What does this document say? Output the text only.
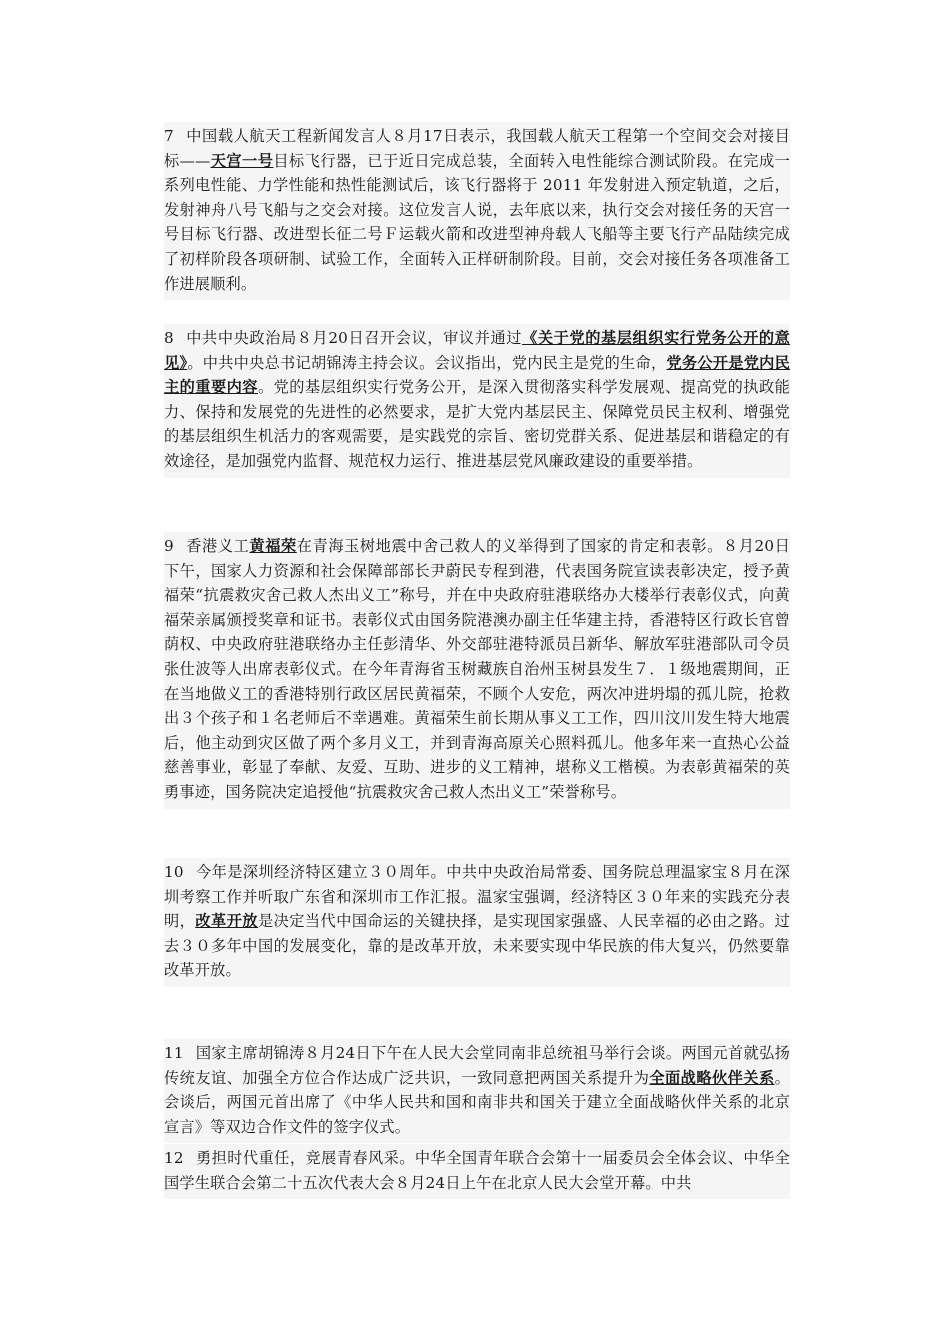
7 中国载人航天工程新闻发言人８月17日表示，我国载人航天工程第一个空间交会对接目标——天宫一号目标飞行器，已于近日完成总装，全面转入电性能综合测试阶段。在完成一系列电性能、力学性能和热性能测试后，该飞行器将于 2011 年发射进入预定轨道，之后，发射神舟八号飞船与之交会对接。这位发言人说，去年底以来，执行交会对接任务的天宫一号目标飞行器、改进型长征二号Ｆ运载火箭和改进型神舟载人飞船等主要飞行产品陆续完成了初样阶段各项研制、试验工作，全面转入正样研制阶段。目前，交会对接任务各项准备工作进展顺利。
8 中共中央政治局８月20日召开会议，审议并通过《关于党的基层组织实行党务公开的意见》。中共中央总书记胡锦涛主持会议。会议指出，党内民主是党的生命，党务公开是党内民主的重要内容。党的基层组织实行党务公开，是深入贯彻落实科学发展观、提高党的执政能力、保持和发展党的先进性的必然要求，是扩大党内基层民主、保障党员民主权利、增强党的基层组织生机活力的客观需要，是实践党的宗旨、密切党群关系、促进基层和谐稳定的有效途径，是加强党内监督、规范权力运行、推进基层党风廉政建设的重要举措。
9 香港义工黄福荣在青海玉树地震中舍己救人的义举得到了国家的肯定和表彰。８月20日下午，国家人力资源和社会保障部部长尹蔚民专程到港，代表国务院宣读表彰决定，授予黄福荣“抗震救灾舍己救人杰出义工”称号，并在中央政府驻港联络办大楼举行表彰仪式，向黄福荣亲属颁授奖章和证书。表彰仪式由国务院港澳办副主任华建主持，香港特区行政长官曾荫权、中央政府驻港联络办主任彭清华、外交部驻港特派员吕新华、解放军驻港部队司令员张仕波等人出席表彰仪式。在今年青海省玉树藏族自治州玉树县发生７．１级地震期间，正在当地做义工的香港特别行政区居民黄福荣，不顾个人安危，两次冲进坍塌的孤儿院，抢救出３个孩子和１名老师后不幸遇难。黄福荣生前长期从事义工工作，四川汶川发生特大地震后，他主动到灾区做了两个多月义工，并到青海高原关心照料孤儿。他多年来一直热心公益慈善事业，彰显了奉献、友爱、互助、进步的义工精神，堪称义工楷模。为表彰黄福荣的英勇事迹，国务院决定追授他“抗震救灾舍己救人杰出义工”荣誉称号。
10 今年是深圳经济特区建立３０周年。中共中央政治局常委、国务院总理温家宝８月在深圳考察工作并听取广东省和深圳市工作汇报。温家宝强调，经济特区３０年来的实践充分表明，改革开放是决定当代中国命运的关键抉择，是实现国家强盛、人民幸福的必由之路。过去３０多年中国的发展变化，靠的是改革开放，未来要实现中华民族的伟大复兴，仍然要靠改革开放。
11 国家主席胡锦涛８月24日下午在人民大会堂同南非总统祖马举行会谈。两国元首就弘扬传统友谊、加强全方位合作达成广泛共识，一致同意把两国关系提升为全面战略伙伴关系。会谈后，两国元首出席了《中华人民共和国和南非共和国关于建立全面战略伙伴关系的北京宣言》等双边合作文件的签字仪式。
12 勇担时代重任，竞展青春风采。中华全国青年联合会第十一届委员会全体会议、中华全国学生联合会第二十五次代表大会８月24日上午在北京人民大会堂开幕。中共
